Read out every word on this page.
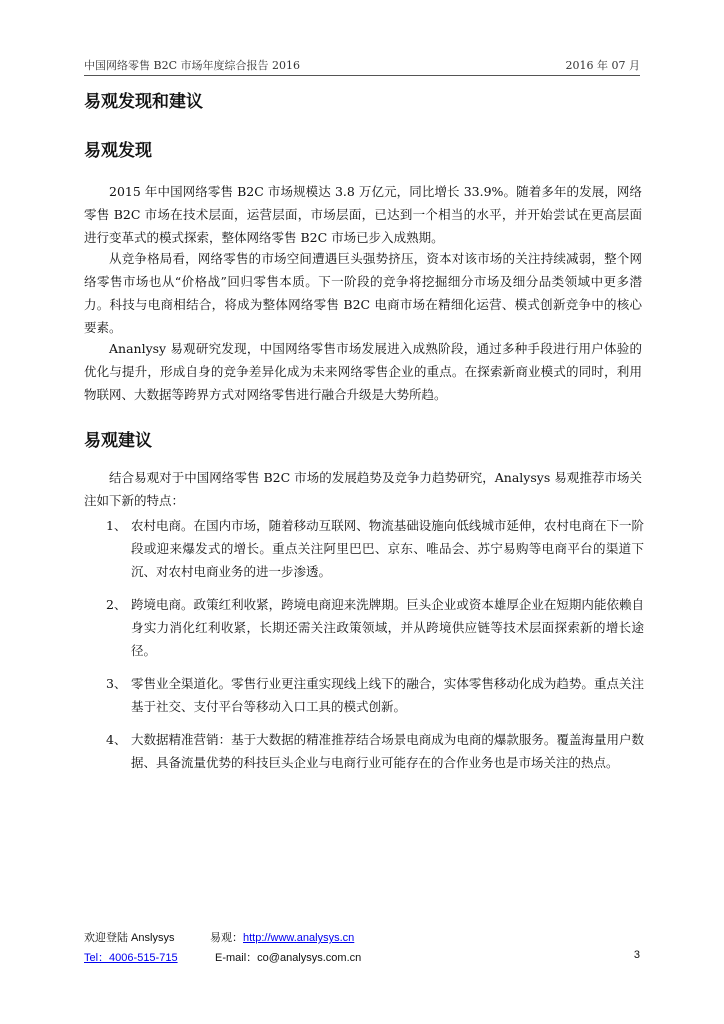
中国网络零售 B2C 市场年度综合报告 2016	2016 年 07 月
易观发现和建议
易观发现

2015 年中国网络零售 B2C 市场规模达 3.8 万亿元，同比增长 33.9%。随着多年的发展，网络零售 B2C 市场在技术层面，运营层面，市场层面，已达到一个相当的水平，并开始尝试在更高层面进行变革式的模式探索，整体网络零售 B2C 市场已步入成熟期。

从竞争格局看，网络零售的市场空间遭遇巨头强势挤压，资本对该市场的关注持续减弱，整个网络零售市场也从“价格战”回归零售本质。下一阶段的竞争将挖掘细分市场及细分品类领域中更多潜力。科技与电商相结合，将成为整体网络零售 B2C 电商市场在精细化运营、模式创新竞争中的核心要素。

Ananlysy 易观研究发现，中国网络零售市场发展进入成熟阶段，通过多种手段进行用户体验的优化与提升，形成自身的竞争差异化成为未来网络零售企业的重点。在探索新商业模式的同时，利用物联网、大数据等跨界方式对网络零售进行融合升级是大势所趋。

易观建议

结合易观对于中国网络零售 B2C 市场的发展趋势及竞争力趋势研究，Analysys 易观推荐市场关注如下新的特点：

1、 农村电商。在国内市场，随着移动互联网、物流基础设施向低线城市延伸，农村电商在下一阶段或迎来爆发式的增长。重点关注阿里巴巴、京东、唯品会、苏宁易购等电商平台的渠道下沉、对农村电商业务的进一步渗透。
2、 跨境电商。政策红利收紧，跨境电商迎来洗牌期。巨头企业或资本雄厚企业在短期内能依赖自身实力消化红利收紧，长期还需关注政策领域，并从跨境供应链等技术层面探索新的增长途径。
3、 零售业全渠道化。零售行业更注重实现线上线下的融合，实体零售移动化成为趋势。重点关注基于社交、支付平台等移动入口工具的模式创新。
4、 大数据精准营销：基于大数据的精准推荐结合场景电商成为电商的爆款服务。覆盖海量用户数据、具备流量优势的科技巨头企业与电商行业可能存在的合作业务也是市场关注的热点。
欢迎登陆 Anslysys	易观：http://www.analysys.cn
Tel：4006-515-715	E-mail：co@analysys.com.cn	3
